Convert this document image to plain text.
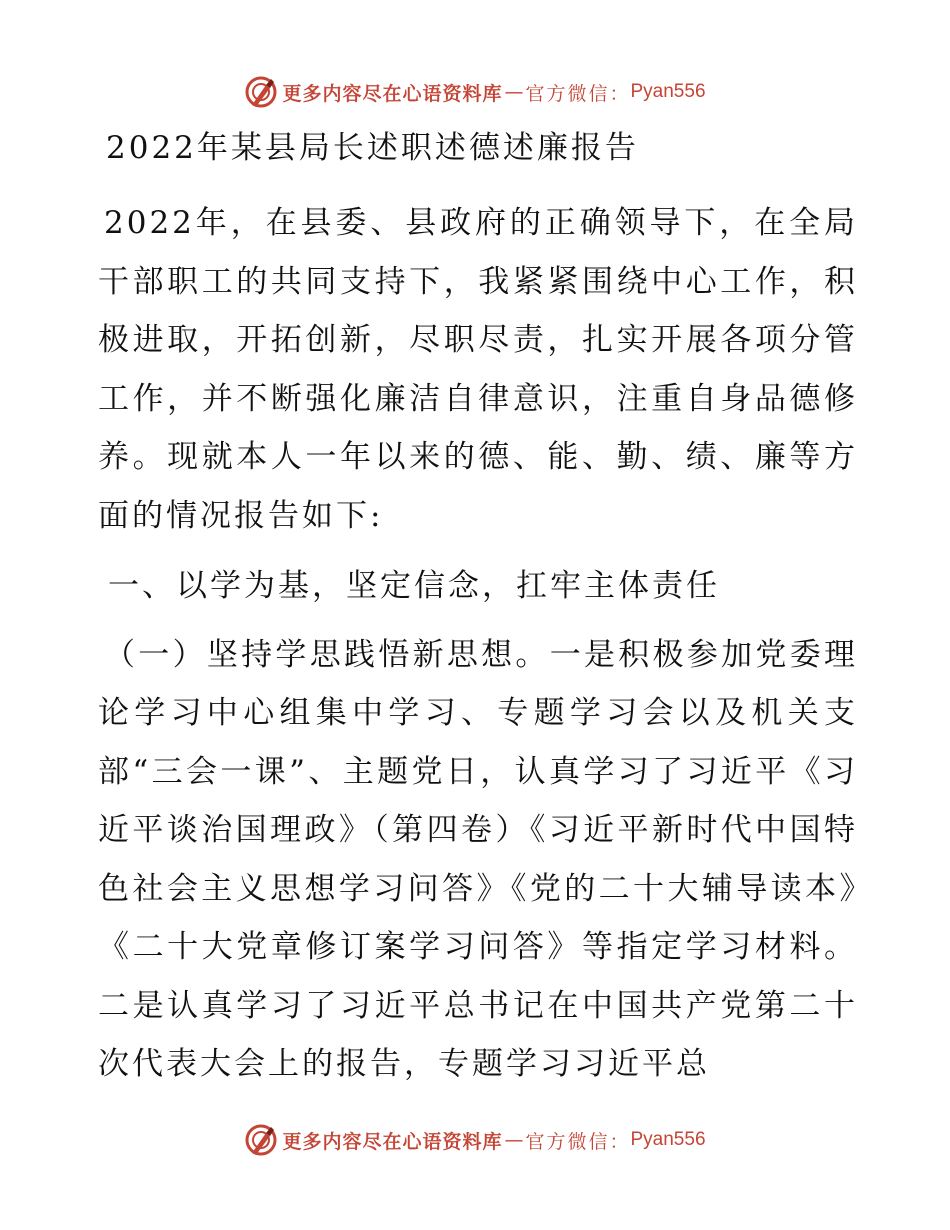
更多内容尽在心语资料库 — 官方微信： Pyan556
2022年某县局长述职述德述廉报告

2022年，在县委、县政府的正确领导下，在全局干部职工的共同支持下，我紧紧围绕中心工作，积极进取，开拓创新，尽职尽责，扎实开展各项分管工作，并不断强化廉洁自律意识，注重自身品德修养。现就本人一年以来的德、能、勤、绩、廉等方面的情况报告如下:

一、以学为基，坚定信念，扛牢主体责任

（一）坚持学思践悟新思想。一是积极参加党委理论学习中心组集中学习、专题学习会以及机关支部“三会一课”、主题党日，认真学习了习近平《习近平谈治国理政》（第四卷）《习近平新时代中国特色社会主义思想学习问答》《党的二十大辅导读本》《二十大党章修订案学习问答》等指定学习材料。二是认真学习了习近平总书记在中国共产党第二十次代表大会上的报告，专题学习习近平总

更多内容尽在心语资料库 — 官方微信： Pyan556
